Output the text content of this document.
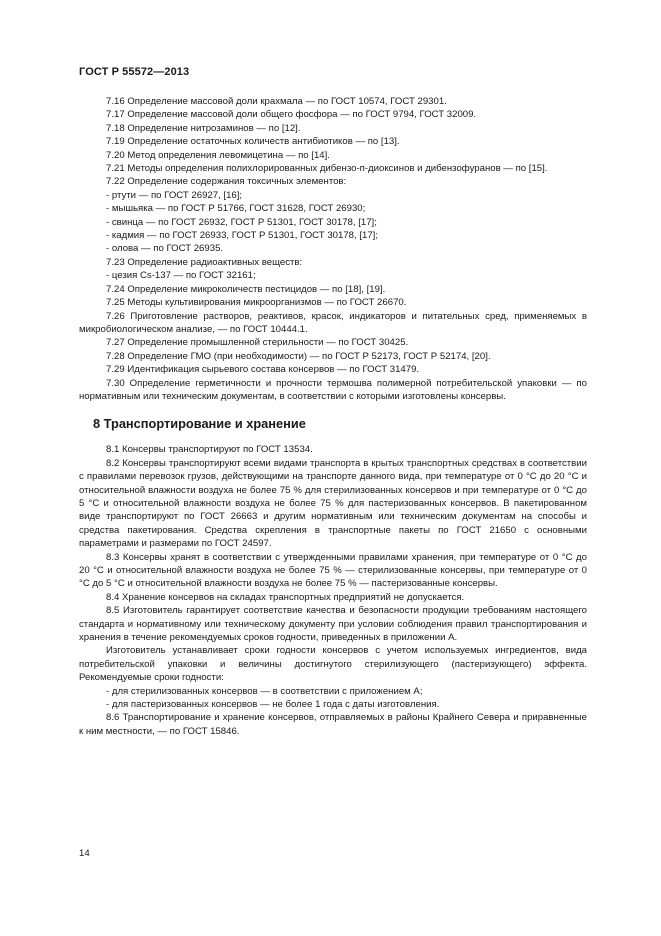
ГОСТ Р 55572—2013

7.16 Определение массовой доли крахмала — по ГОСТ 10574, ГОСТ 29301.

7.17 Определение массовой доли общего фосфора — по ГОСТ 9794, ГОСТ 32009.

7.18 Определение нитрозаминов — по [12].

7.19 Определение остаточных количеств антибиотиков — по [13].

7.20 Метод определения левомицетина — по [14].

7.21 Методы определения полихлорированных дибензо-п-диоксинов и дибензофуранов — по [15].

7.22 Определение содержания токсичных элементов:

- ртути — по ГОСТ 26927, [16];

- мышьяка — по ГОСТ Р 51766, ГОСТ 31628, ГОСТ 26930;

- свинца — по ГОСТ 26932, ГОСТ Р 51301, ГОСТ 30178, [17];

- кадмия — по ГОСТ 26933, ГОСТ Р 51301, ГОСТ 30178, [17];

- олова — по ГОСТ 26935.

7.23 Определение радиоактивных веществ:

- цезия Cs-137 — по ГОСТ 32161;

7.24 Определение микроколичеств пестицидов — по [18], [19].

7.25 Методы культивирования микроорганизмов — по ГОСТ 26670.

7.26 Приготовление растворов, реактивов, красок, индикаторов и питательных сред, применяемых в микробиологическом анализе, — по ГОСТ 10444.1.

7.27 Определение промышленной стерильности — по ГОСТ 30425.

7.28 Определение ГМО (при необходимости) — по ГОСТ Р 52173, ГОСТ Р 52174, [20].

7.29 Идентификация сырьевого состава консервов — по ГОСТ 31479.

7.30 Определение герметичности и прочности термошва полимерной потребительской упаковки — по нормативным или техническим документам, в соответствии с которыми изготовлены консервы.

8 Транспортирование и хранение

8.1 Консервы транспортируют по ГОСТ 13534.

8.2 Консервы транспортируют всеми видами транспорта в крытых транспортных средствах в соответствии с правилами перевозок грузов, действующими на транспорте данного вида, при температуре от 0 °С до 20 °С и относительной влажности воздуха не более 75 % для стерилизованных консервов и при температуре от 0 °С до 5 °С и относительной влажности воздуха не более 75 % для пастеризованных консервов. В пакетированном виде транспортируют по ГОСТ 26663 и другим нормативным или техническим документам на способы и средства пакетирования. Средства скрепления в транспортные пакеты по ГОСТ 21650 с основными параметрами и размерами по ГОСТ 24597.

8.3 Консервы хранят в соответствии с утвержденными правилами хранения, при температуре от 0 °С до 20 °С и относительной влажности воздуха не более 75 % — стерилизованные консервы, при температуре от 0 °С до 5 °С и относительной влажности воздуха не более 75 % — пастеризованные консервы.

8.4 Хранение консервов на складах транспортных предприятий не допускается.

8.5 Изготовитель гарантирует соответствие качества и безопасности продукции требованиям настоящего стандарта и нормативному или техническому документу при условии соблюдения правил транспортирования и хранения в течение рекомендуемых сроков годности, приведенных в приложении А.

Изготовитель устанавливает сроки годности консервов с учетом используемых ингредиентов, вида потребительской упаковки и величины достигнутого стерилизующего (пастеризующего) эффекта. Рекомендуемые сроки годности:

- для стерилизованных консервов — в соответствии с приложением А;

- для пастеризованных консервов — не более 1 года с даты изготовления.

8.6 Транспортирование и хранение консервов, отправляемых в районы Крайнего Севера и приравненные к ним местности, — по ГОСТ 15846.

14
